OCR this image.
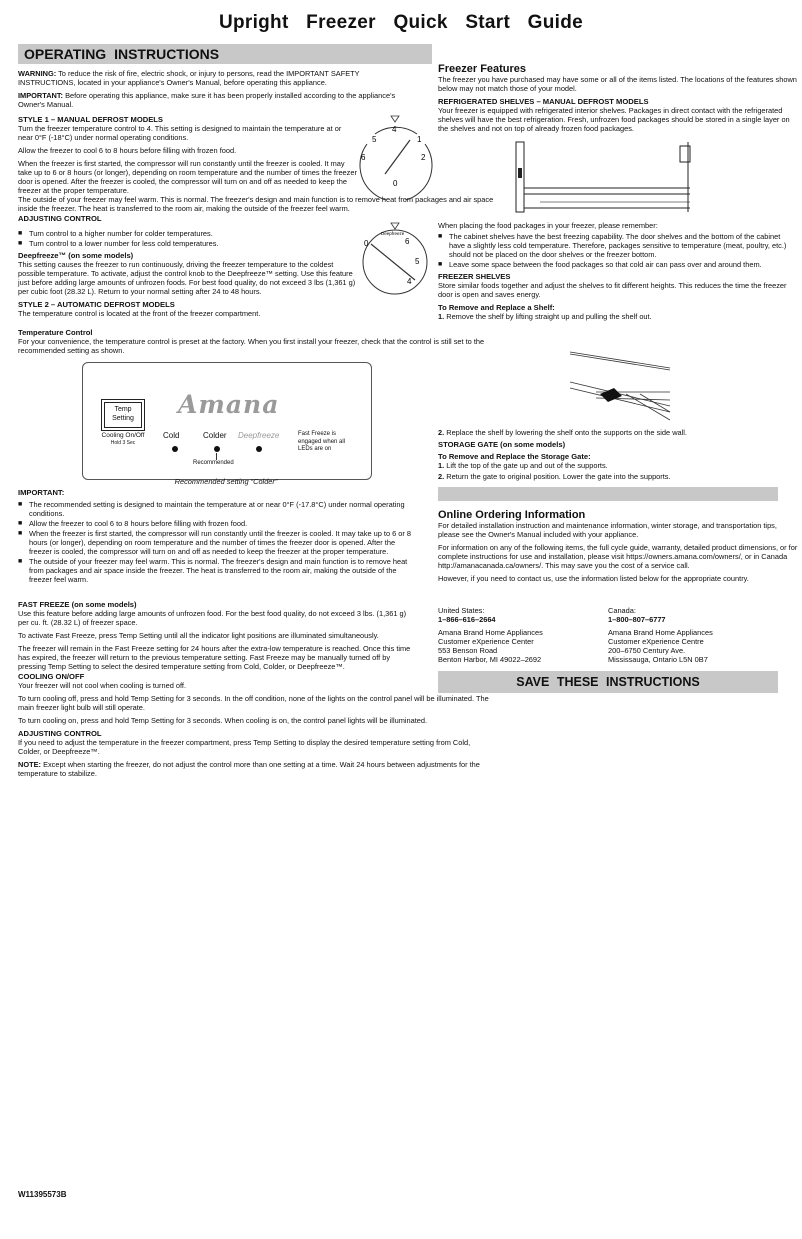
Upright Freezer Quick Start Guide
OPERATING INSTRUCTIONS

WARNING: To reduce the risk of fire, electric shock, or injury to persons, read the IMPORTANT SAFETY INSTRUCTIONS, located in your appliance's Owner's Manual, before operating this appliance.

IMPORTANT: Before operating this appliance, make sure it has been properly installed according to the appliance's Owner's Manual.

STYLE 1 – MANUAL DEFROST MODELS

Turn the freezer temperature control to 4. This setting is designed to maintain the temperature at or near 0°F (-18°C) under normal operating conditions.

Allow the freezer to cool 6 to 8 hours before filling with frozen food.

When the freezer is first started, the compressor will run constantly until the freezer is cooled. It may take up to 6 or 8 hours (or longer), depending on room temperature and the number of times the freezer door is opened. After the freezer is cooled, the compressor will turn on and off as needed to keep the freezer at the proper temperature.

The outside of your freezer may feel warm. This is normal. The freezer's design and main function is to remove heat from packages and air space inside the freezer. The heat is transferred to the room air, making the outside of the freezer feel warm.

ADJUSTING CONTROL
■ Turn control to a higher number for colder temperatures.
■ Turn control to a lower number for less cold temperatures.
Deepfreeze™ (on some models)

This setting causes the freezer to run continuously, driving the freezer temperature to the coldest possible temperature. To activate, adjust the control knob to the Deepfreeze™ setting. Use this feature just before adding large amounts of unfrozen foods. For best food quality, do not exceed 3 lbs (1,361 g) per cubic foot (28.32 L). Return to your normal setting after 24 to 48 hours.

STYLE 2 – AUTOMATIC DEFROST MODELS

The temperature control is located at the front of the freezer compartment.

Temperature Control

For your convenience, the temperature control is preset at the factory. When you first install your freezer, check that the control is still set to the recommended setting as shown.

4
5
6
1
2
0
Deepfreeze
6
5
4
0
Amana
Temp Setting
Cooling On/Off
Hold 3 Sec
Cold	Colder Deepfreeze
Recommended
Fast Freeze is engaged when all LEDs are on
Recommended setting “Colder”
IMPORTANT:
■ The recommended setting is designed to maintain the temperature at or near 0°F (-17.8°C) under normal operating conditions.
■ Allow the freezer to cool 6 to 8 hours before filling with frozen food.
■ When the freezer is first started, the compressor will run constantly until the freezer is cooled. It may take up to 6 or 8 hours (or longer), depending on room temperature and the number of times the freezer door is opened. After the freezer is cooled, the compressor will turn on and off as needed to keep the freezer at the proper temperature.
■ The outside of your freezer may feel warm. This is normal. The freezer's design and main function is to remove heat from packages and air space inside the freezer. The heat is transferred to the room air, making the outside of the freezer feel warm.
FAST FREEZE (on some models)

Use this feature before adding large amounts of unfrozen food. For the best food quality, do not exceed 3 lbs. (1,361 g) per cu. ft. (28.32 L) of freezer space.

To activate Fast Freeze, press Temp Setting until all the indicator light positions are illuminated simultaneously.

The freezer will remain in the Fast Freeze setting for 24 hours after the extra-low temperature is reached. Once this time has expired, the freezer will return to the previous temperature setting. Fast Freeze may be manually turned off by pressing Temp Setting to select the desired temperature setting from Cold, Colder, or Deepfreeze™.

COOLING ON/OFF

Your freezer will not cool when cooling is turned off.

To turn cooling off, press and hold Temp Setting for 3 seconds. In the off condition, none of the lights on the control panel will be illuminated. The main freezer light bulb will still operate.

To turn cooling on, press and hold Temp Setting for 3 seconds. When cooling is on, the control panel lights will be illuminated.

ADJUSTING CONTROL

If you need to adjust the temperature in the freezer compartment, press Temp Setting to display the desired temperature setting from Cold, Colder, or Deepfreeze™.

NOTE: Except when starting the freezer, do not adjust the control more than one setting at a time. Wait 24 hours between adjustments for the temperature to stabilize.

Freezer Features

The freezer you have purchased may have some or all of the items listed. The locations of the features shown below may not match those of your model.

REFRIGERATED SHELVES – MANUAL DEFROST MODELS

Your freezer is equipped with refrigerated interior shelves. Packages in direct contact with the refrigerated shelves will have the best refrigeration. Fresh, unfrozen food packages should be stored in a single layer on the shelves and not on top of already frozen food packages.

When placing the food packages in your freezer, please remember:

■ The cabinet shelves have the best freezing capability. The door shelves and the bottom of the cabinet have a slightly less cold temperature. Therefore, packages sensitive to temperature (meat, poultry, etc.) should not be placed on the door shelves or the freezer bottom.
■ Leave some space between the food packages so that cold air can pass over and around them.
FREEZER SHELVES

Store similar foods together and adjust the shelves to fit different heights. This reduces the time the freezer door is open and saves energy.

To Remove and Replace a Shelf:
1. Remove the shelf by lifting straight up and pulling the shelf out.
2. Replace the shelf by lowering the shelf onto the supports on the side wall.
STORAGE GATE (on some models)
To Remove and Replace the Storage Gate:
1. Lift the top of the gate up and out of the supports.
2. Return the gate to original position. Lower the gate into the supports.
Online Ordering Information

For detailed installation instruction and maintenance information, winter storage, and transportation tips, please see the Owner's Manual included with your appliance.

For information on any of the following items, the full cycle guide, warranty, detailed product dimensions, or for complete instructions for use and installation, please visit https://owners.amana.com/owners/, or in Canada http://amanacanada.ca/owners/. This may save you the cost of a service call.

However, if you need to contact us, use the information listed below for the appropriate country.

United States:
1–866–616–2664
Amana Brand Home Appliances
Customer eXperience Center
553 Benson Road
Benton Harbor, MI 49022–2692
Canada:
1–800–807–6777
Amana Brand Home Appliances
Customer eXperience Centre
200–6750 Century Ave.
Mississauga, Ontario L5N 0B7
SAVE THESE INSTRUCTIONS
W11395573B
